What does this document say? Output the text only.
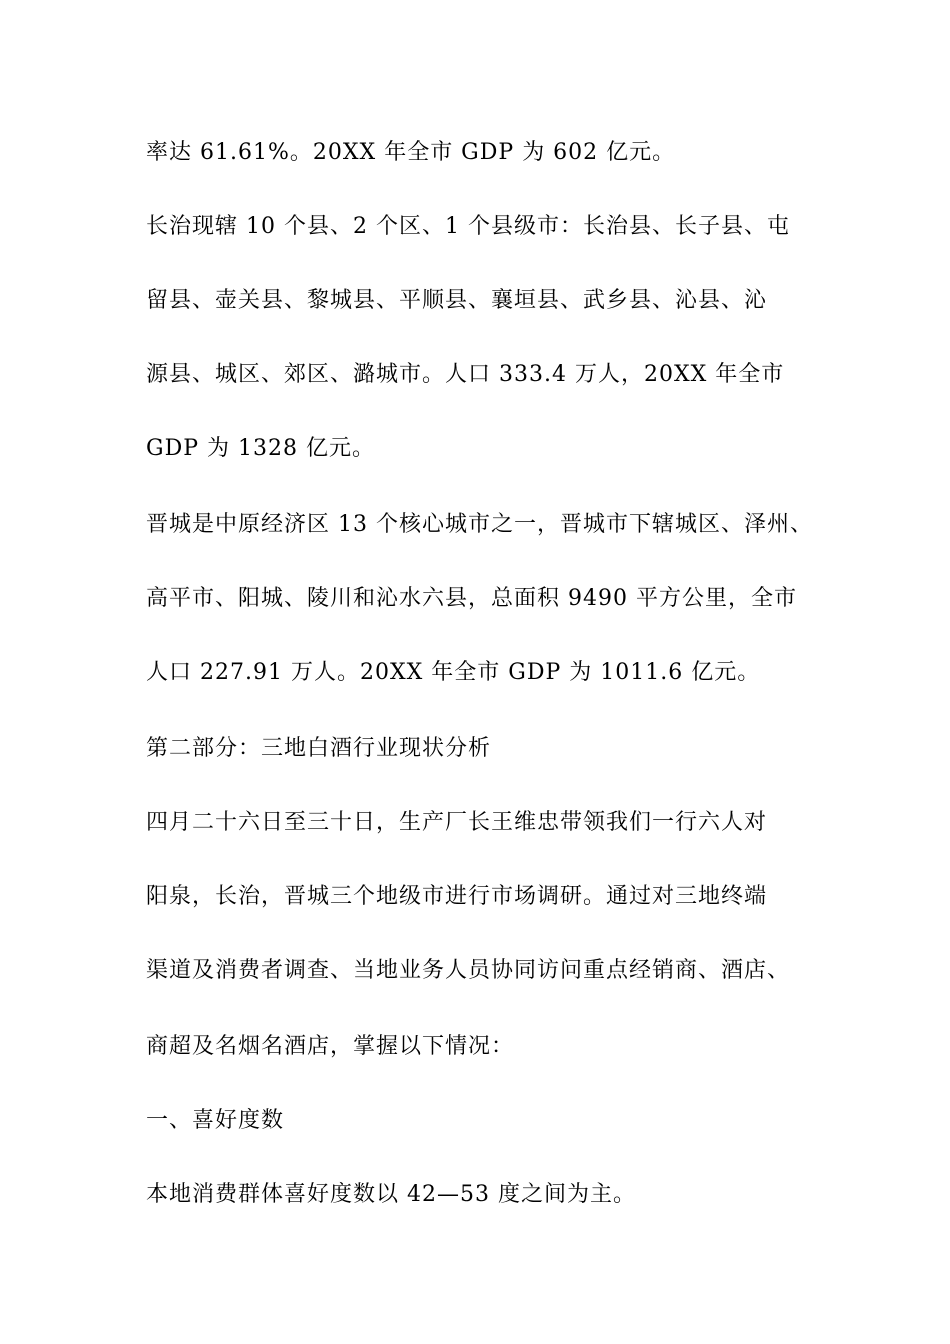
率达 61.61%。20XX 年全市 GDP 为 602 亿元。
长治现辖 10 个县、2 个区、1 个县级市：长治县、长子县、屯
留县、壶关县、黎城县、平顺县、襄垣县、武乡县、沁县、沁
源县、城区、郊区、潞城市。人口 333.4 万人，20XX 年全市
GDP 为 1328 亿元。
晋城是中原经济区 13 个核心城市之一，晋城市下辖城区、泽州、
高平市、阳城、陵川和沁水六县，总面积 9490 平方公里，全市
人口 227.91 万人。20XX 年全市 GDP 为 1011.6 亿元。
第二部分：三地白酒行业现状分析
四月二十六日至三十日，生产厂长王维忠带领我们一行六人对
阳泉，长治，晋城三个地级市进行市场调研。通过对三地终端
渠道及消费者调查、当地业务人员协同访问重点经销商、酒店、
商超及名烟名酒店，掌握以下情况：
一、喜好度数
本地消费群体喜好度数以 42—53 度之间为主。
